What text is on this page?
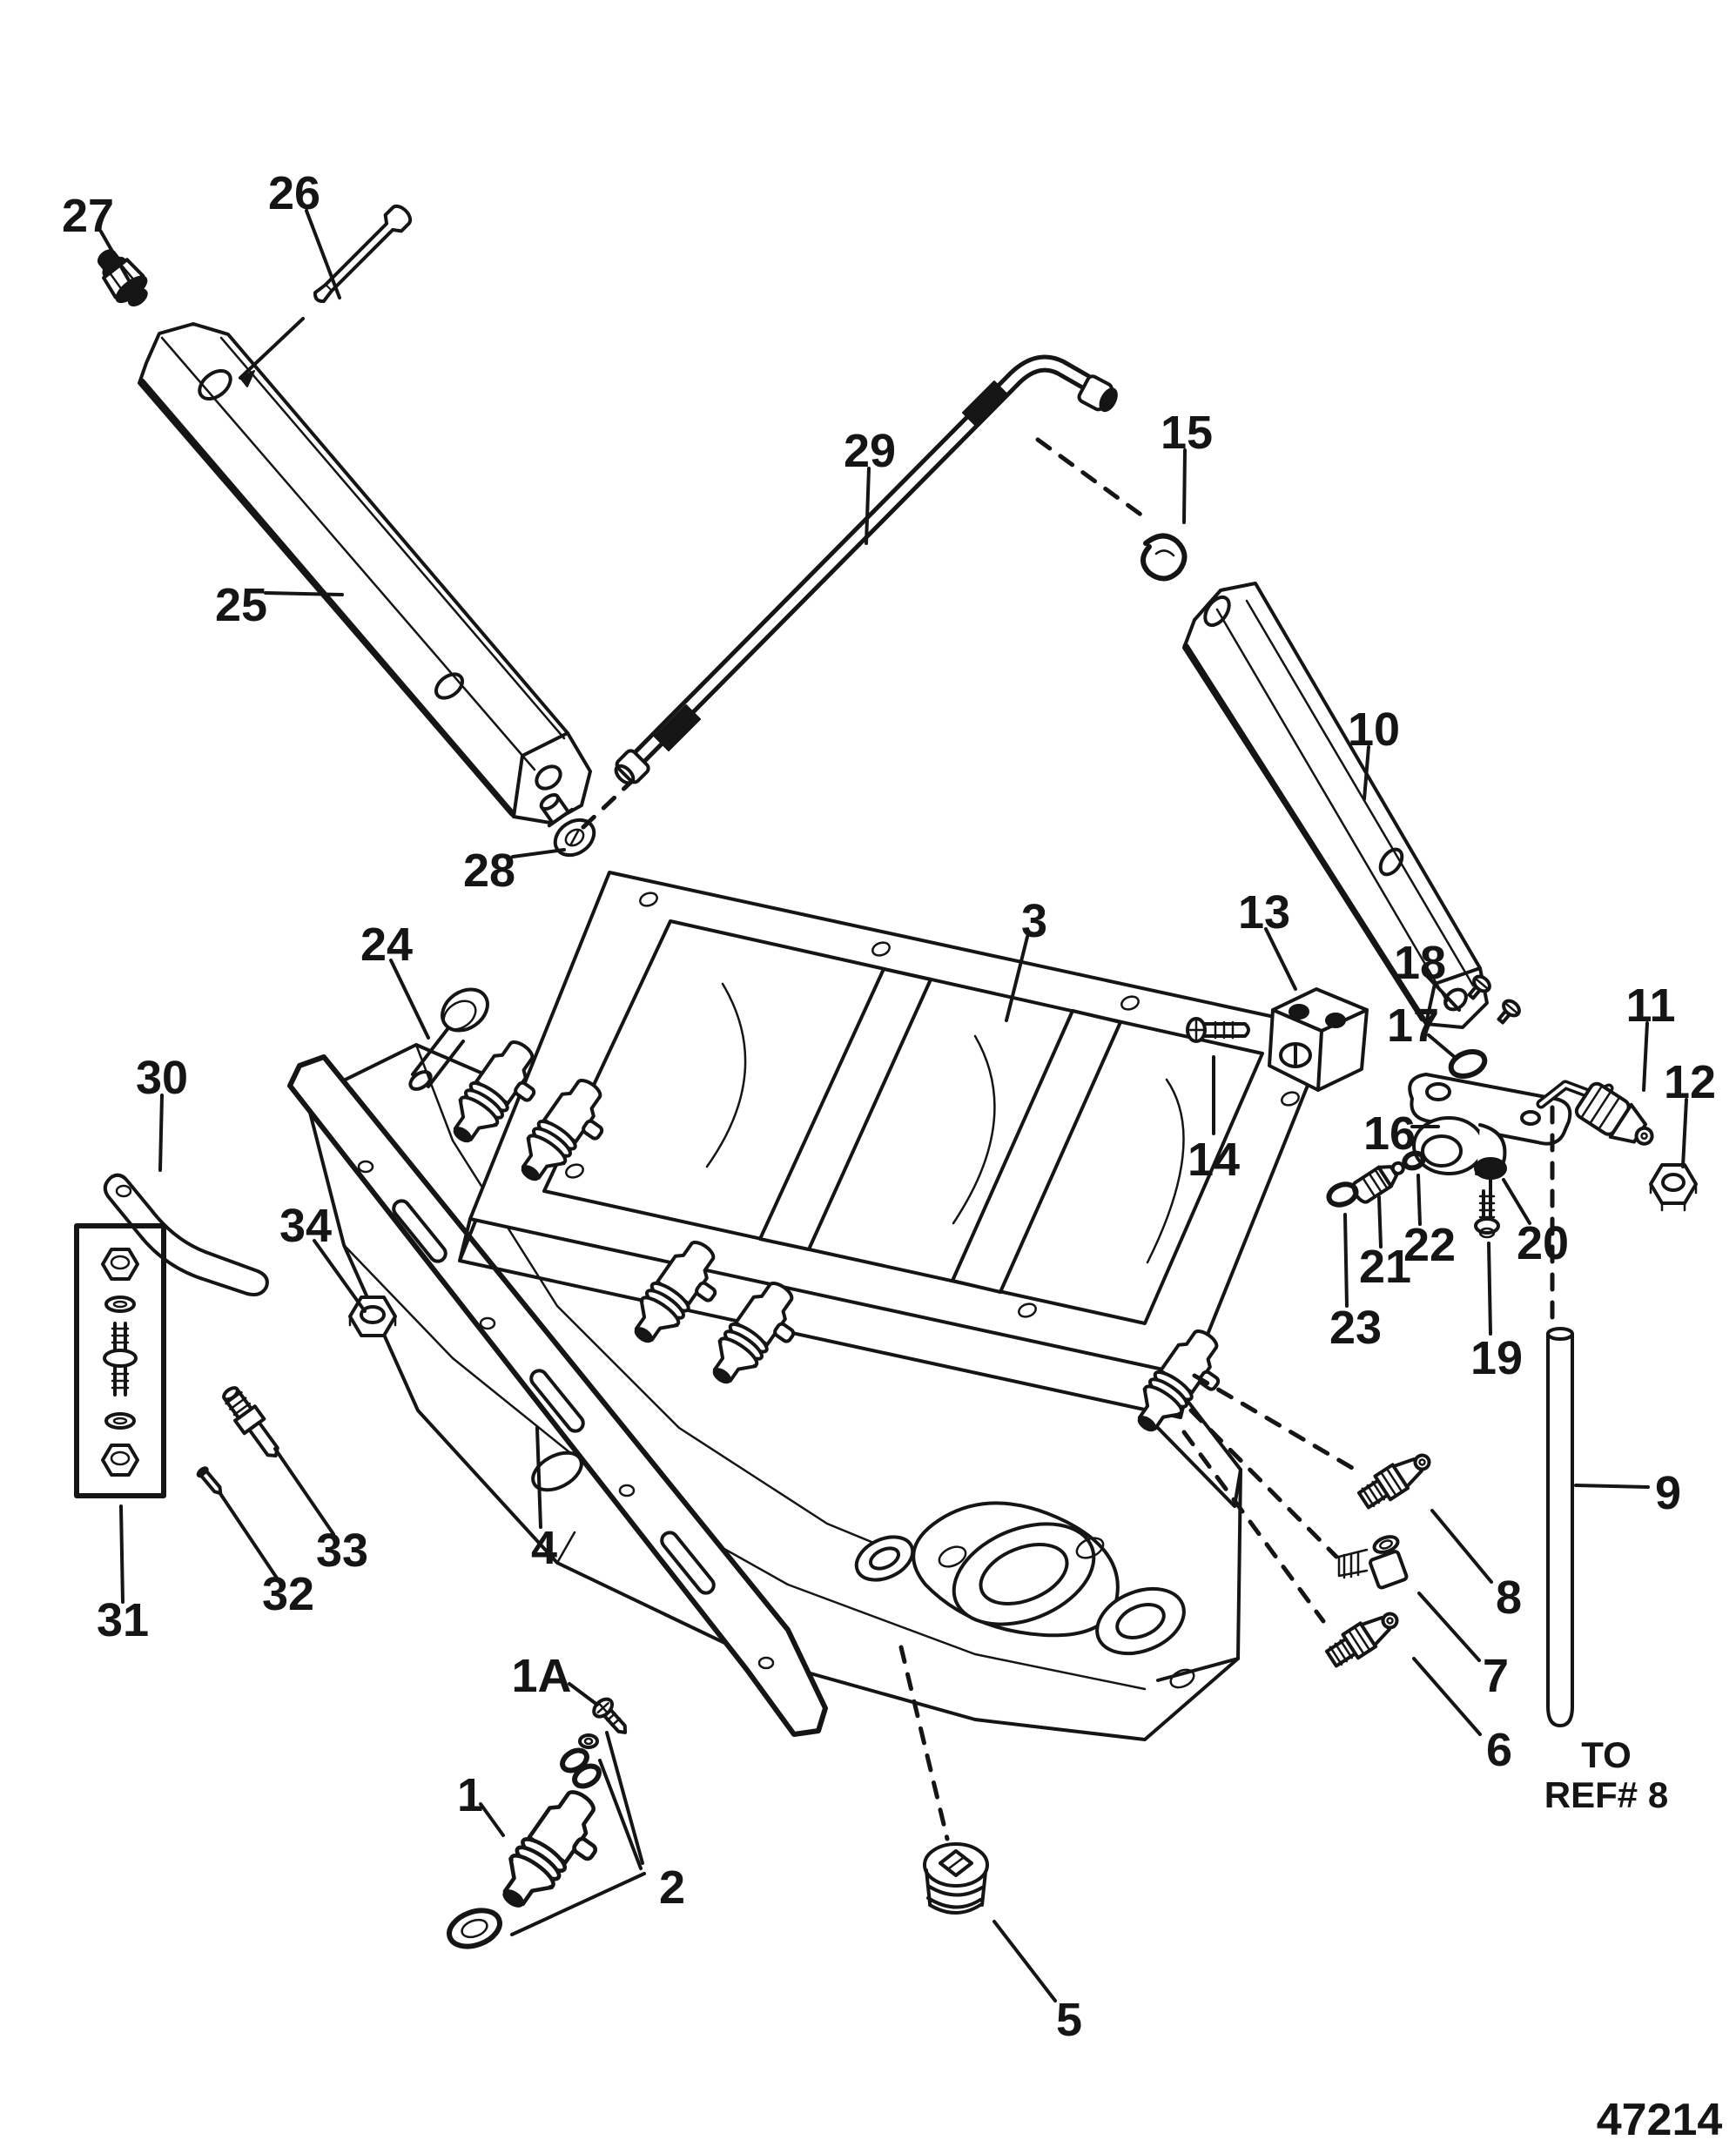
27	26
25
29	15
10
28
3	13
14
18
17
16
11
12
24
30
34
33
32
31
4
1A
1
2
5
6
7
8
9
19
20
21
22
23
TO
REF# 8
47214
